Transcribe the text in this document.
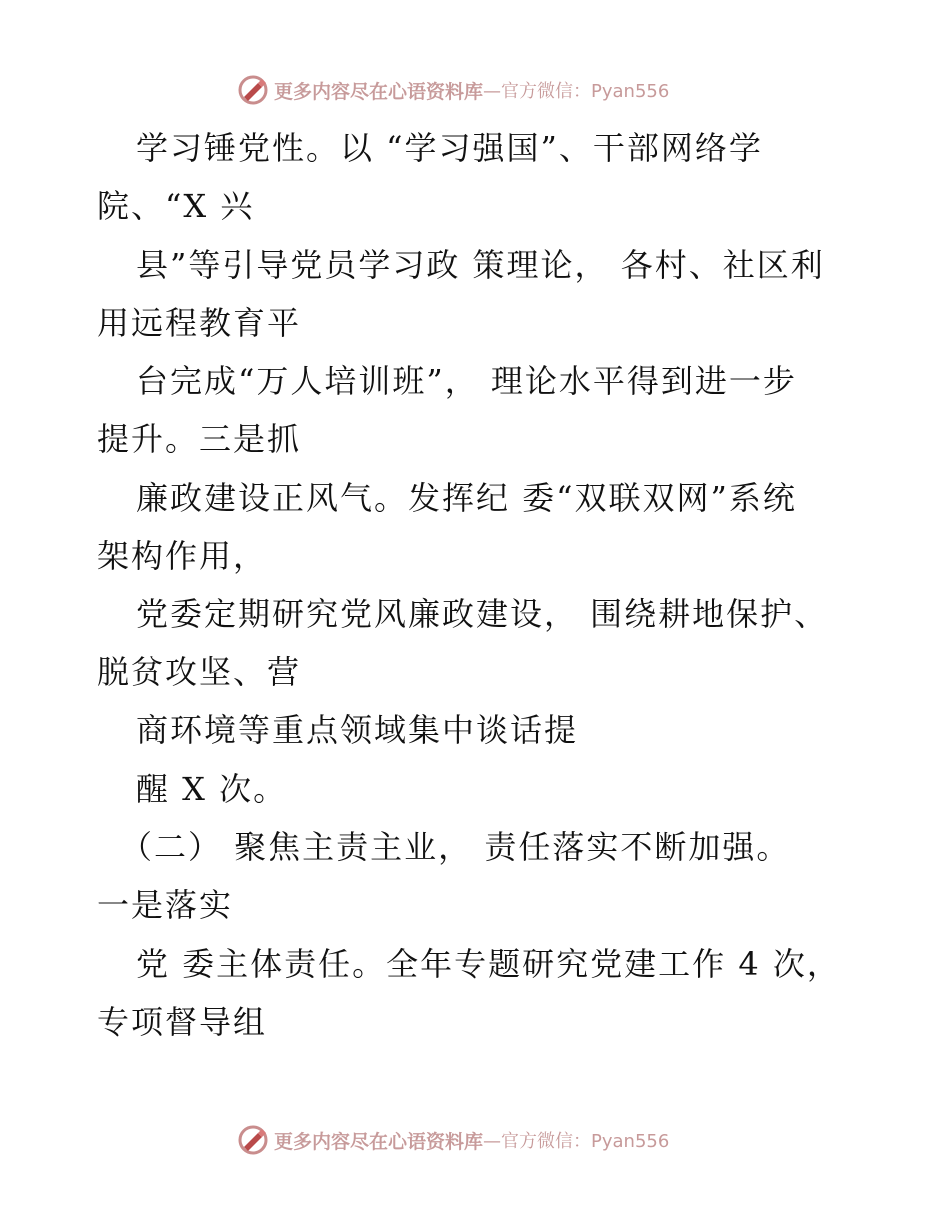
更多内容尽在心语资料库 —官方微信：Pyan556
学习锤党性。以 “学习强国”、干部网络学
院、“X 兴
县”等引导党员学习政 策理论， 各村、社区利
用远程教育平
台完成“万人培训班”， 理论水平得到进一步
提升。三是抓
廉政建设正风气。发挥纪 委“双联双网”系统
架构作用，
党委定期研究党风廉政建设， 围绕耕地保护、
脱贫攻坚、营
商环境等重点领域集中谈话提
醒 X 次。
（二） 聚焦主责主业， 责任落实不断加强。
一是落实
党 委主体责任。全年专题研究党建工作 4 次，
专项督导组
更多内容尽在心语资料库 —官方微信：Pyan556
